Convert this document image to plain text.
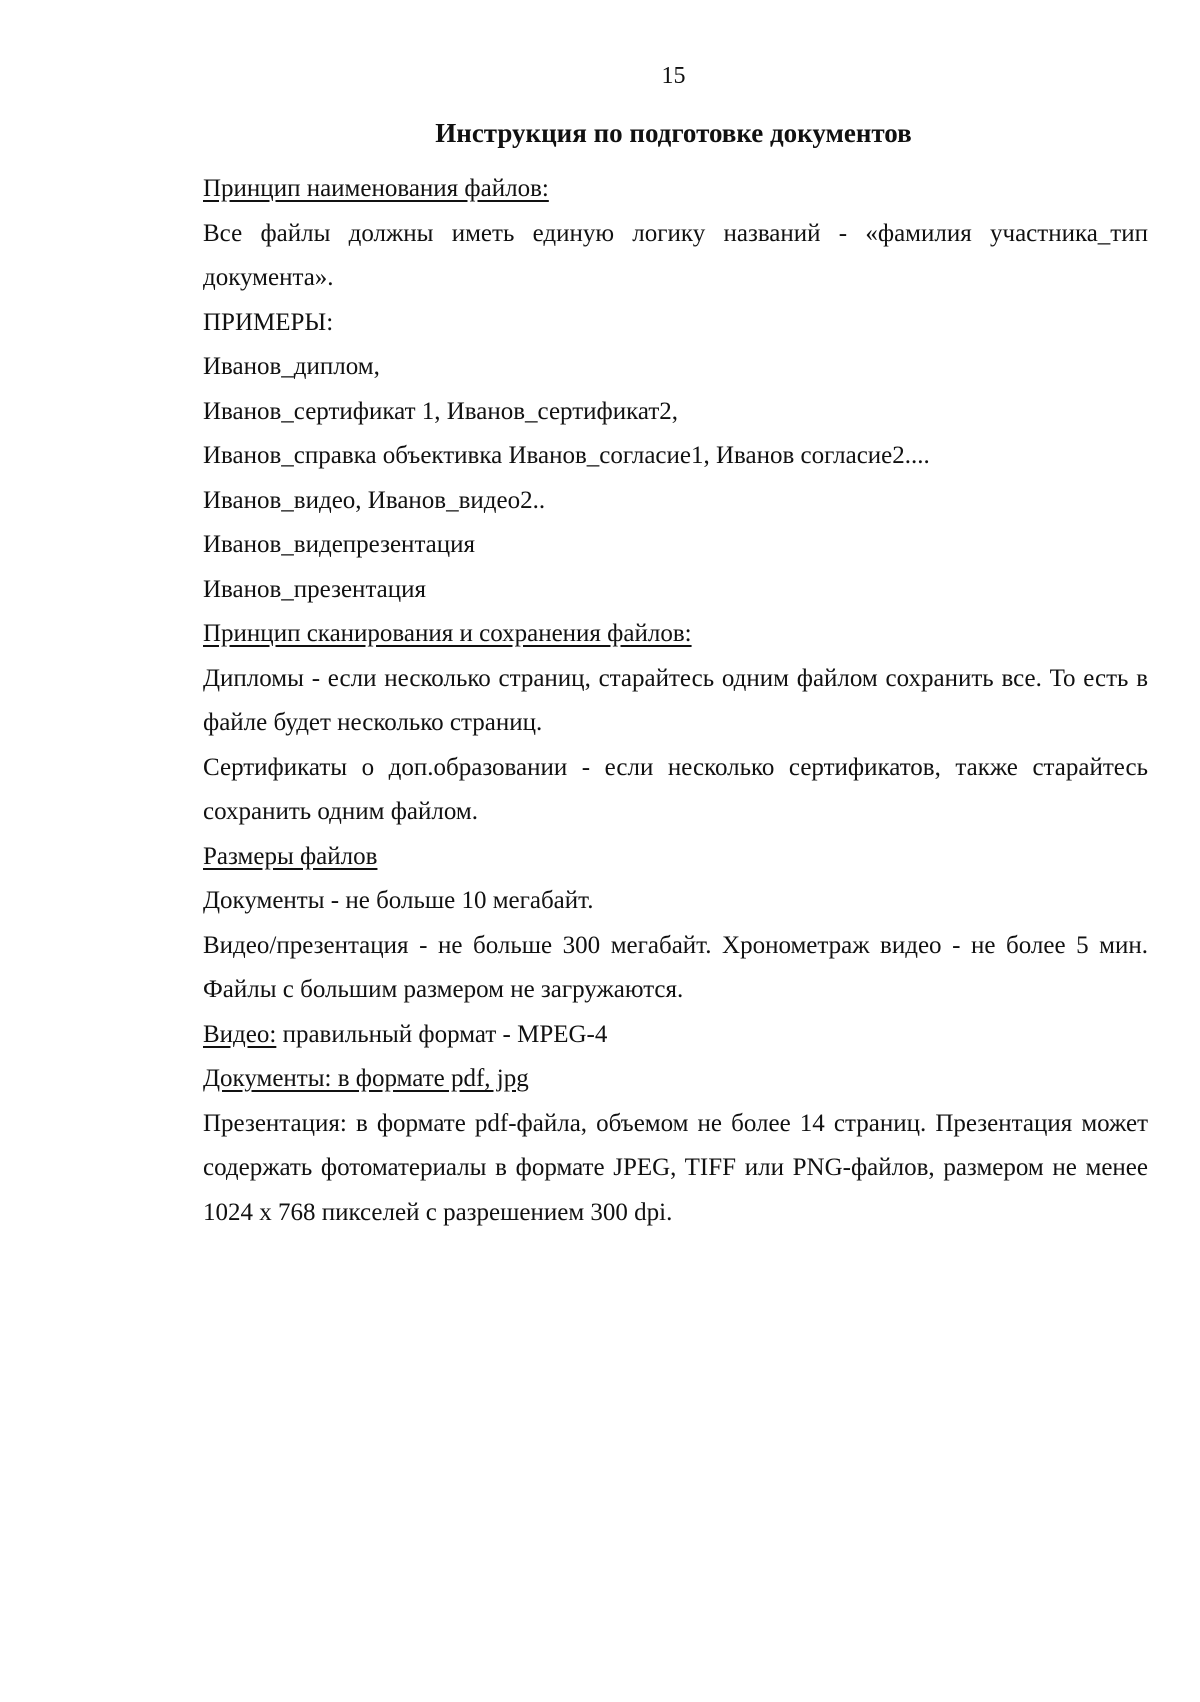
15
Инструкция по подготовке документов

Принцип наименования файлов:

Все файлы должны иметь единую логику названий - «фамилия участника_тип документа».

ПРИМЕРЫ:

Иванов_диплом,

Иванов_сертификат 1, Иванов_сертификат2,

Иванов_справка объективка Иванов_согласие1, Иванов согласие2....

Иванов_видео, Иванов_видео2..

Иванов_видепрезентация

Иванов_презентация

Принцип сканирования и сохранения файлов:

Дипломы - если несколько страниц, старайтесь одним файлом сохранить все. То есть в файле будет несколько страниц.

Сертификаты о доп.образовании - если несколько сертификатов, также старайтесь сохранить одним файлом.

Размеры файлов

Документы - не больше 10 мегабайт.

Видео/презентация - не больше 300 мегабайт. Хронометраж видео - не более 5 мин. Файлы с большим размером не загружаются.

Видео: правильный формат - MPEG-4

Документы: в формате pdf, jpg

Презентация: в формате pdf-файла, объемом не более 14 страниц. Презентация может содержать фотоматериалы в формате JPEG, TIFF или PNG-файлов, размером не менее 1024 x 768 пикселей с разрешением 300 dpi.
